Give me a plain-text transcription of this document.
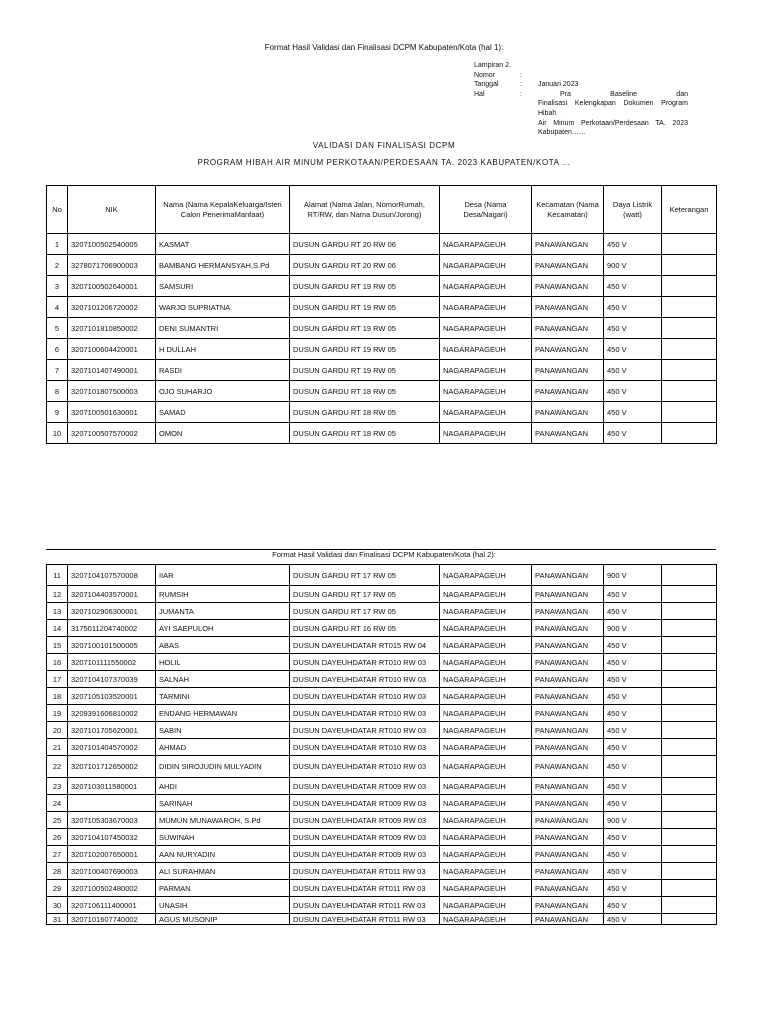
Format Hasil Validasi dan Finalisasi DCPM Kabupaten/Kota (hal 1):
Lampiran 2.
Nomor	:
Tanggal	:	Januari 2023
Hal	:	Pra	Baseline	dan
Finalisasi Kelengkapan Dokumen Program Hibah
Air Minum Perkotaan/Perdesaan TA. 2023
Kabupaten……
VALIDASI DAN FINALISASI DCPM
PROGRAM HIBAH AIR MINUM PERKOTAAN/PERDESAAN TA. 2023 KABUPATEN/KOTA ...
No	NIK	Nama (Nama KepalaKeluarga/Isteri Calon PenerimaManfaat)	Alamat (Nama Jalan, NomorRumah, RT/RW, dan Nama Dusun/Jorong)	Desa (Nama Desa/Nagari)	Kecamatan (Nama Kecamatan)	Daya Listrik (watt)	Keterangan
1	3207100502540005	KASMAT	DUSUN GARDU RT 20 RW 06	NAGARAPAGEUH	PANAWANGAN	450 V	
2	3278071706900003	BAMBANG HERMANSYAH,S.Pd	DUSUN GARDU RT 20 RW 06	NAGARAPAGEUH	PANAWANGAN	900 V	
3	3207100502640001	SAMSURI	DUSUN GARDU RT 19 RW 05	NAGARAPAGEUH	PANAWANGAN	450 V	
4	3207101206720002	WARJO SUPRIATNA	DUSUN GARDU RT 19 RW 05	NAGARAPAGEUH	PANAWANGAN	450 V	
5	3207101810850002	DENI SUMANTRI	DUSUN GARDU RT 19 RW 05	NAGARAPAGEUH	PANAWANGAN	450 V	
6	3207100604420001	H DULLAH	DUSUN GARDU RT 19 RW 05	NAGARAPAGEUH	PANAWANGAN	450 V	
7	3207101407490001	RASDI	DUSUN GARDU RT 19 RW 05	NAGARAPAGEUH	PANAWANGAN	450 V	
8	3207101807500003	OJO SUHARJO	DUSUN GARDU RT 18 RW 05	NAGARAPAGEUH	PANAWANGAN	450 V	
9	3207100501630001	SAMAD	DUSUN GARDU RT 18 RW 05	NAGARAPAGEUH	PANAWANGAN	450 V	
10	3207100507570002	OMON	DUSUN GARDU RT 18 RW 05	NAGARAPAGEUH	PANAWANGAN	450 V	
Format Hasil Validasi dan Finalisasi DCPM Kabupaten/Kota (hal 2):
11	3207104107570008	IIAR	DUSUN GARDU RT 17 RW 05	NAGARAPAGEUH	PANAWANGAN	900 V	
12	3207104403570001	RUMSIH	DUSUN GARDU RT 17 RW 05	NAGARAPAGEUH	PANAWANGAN	450 V	
13	3207102906300001	JUMANTA	DUSUN GARDU RT 17 RW 05	NAGARAPAGEUH	PANAWANGAN	450 V	
14	3175011204740002	AYI SAEPULOH	DUSUN GARDU RT 16 RW 05	NAGARAPAGEUH	PANAWANGAN	900 V	
15	3207100101500005	ABAS	DUSUN DAYEUHDATAR RT015 RW 04	NAGARAPAGEUH	PANAWANGAN	450 V	
16	3207101111550002	HOLIL	DUSUN DAYEUHDATAR RT010 RW 03	NAGARAPAGEUH	PANAWANGAN	450 V	
17	3207104107370039	SALNAH	DUSUN DAYEUHDATAR RT010 RW 03	NAGARAPAGEUH	PANAWANGAN	450 V	
18	3207105103520001	TARMINI	DUSUN DAYEUHDATAR RT010 RW 03	NAGARAPAGEUH	PANAWANGAN	450 V	
19	3209391606810002	ENDANG HERMAWAN	DUSUN DAYEUHDATAR RT010 RW 03	NAGARAPAGEUH	PANAWANGAN	450 V	
20	3207101705620001	SABIN	DUSUN DAYEUHDATAR RT010 RW 03	NAGARAPAGEUH	PANAWANGAN	450 V	
21	3207101404570002	AHMAD	DUSUN DAYEUHDATAR RT010 RW 03	NAGARAPAGEUH	PANAWANGAN	450 V	
22	3207101712650002	DIDIN SIROJUDIN MULYADIN	DUSUN DAYEUHDATAR RT010 RW 03	NAGARAPAGEUH	PANAWANGAN	450 V	
23	3207103011580001	AHDI	DUSUN DAYEUHDATAR RT009 RW 03	NAGARAPAGEUH	PANAWANGAN	450 V	
24		SARINAH	DUSUN DAYEUHDATAR RT009 RW 03	NAGARAPAGEUH	PANAWANGAN	450 V	
25	3207105303670003	MUMUN MUNAWAROH, S.Pd	DUSUN DAYEUHDATAR RT009 RW 03	NAGARAPAGEUH	PANAWANGAN	900 V	
26	3207104107450032	SUWINAH	DUSUN DAYEUHDATAR RT009 RW 03	NAGARAPAGEUH	PANAWANGAN	450 V	
27	3207102007650001	AAN NURYADIN	DUSUN DAYEUHDATAR RT009 RW 03	NAGARAPAGEUH	PANAWANGAN	450 V	
28	3207100407690003	ALI SURAHMAN	DUSUN DAYEUHDATAR RT011 RW 03	NAGARAPAGEUH	PANAWANGAN	450 V	
29	3207100502480002	PARMAN	DUSUN DAYEUHDATAR RT011 RW 03	NAGARAPAGEUH	PANAWANGAN	450 V	
30	3207106111400001	UNASIH	DUSUN DAYEUHDATAR RT011 RW 03	NAGARAPAGEUH	PANAWANGAN	450 V	
31	3207101607740002	AGUS MUSONIP	DUSUN DAYEUHDATAR RT011 RW 03	NAGARAPAGEUH	PANAWANGAN	450 V	
